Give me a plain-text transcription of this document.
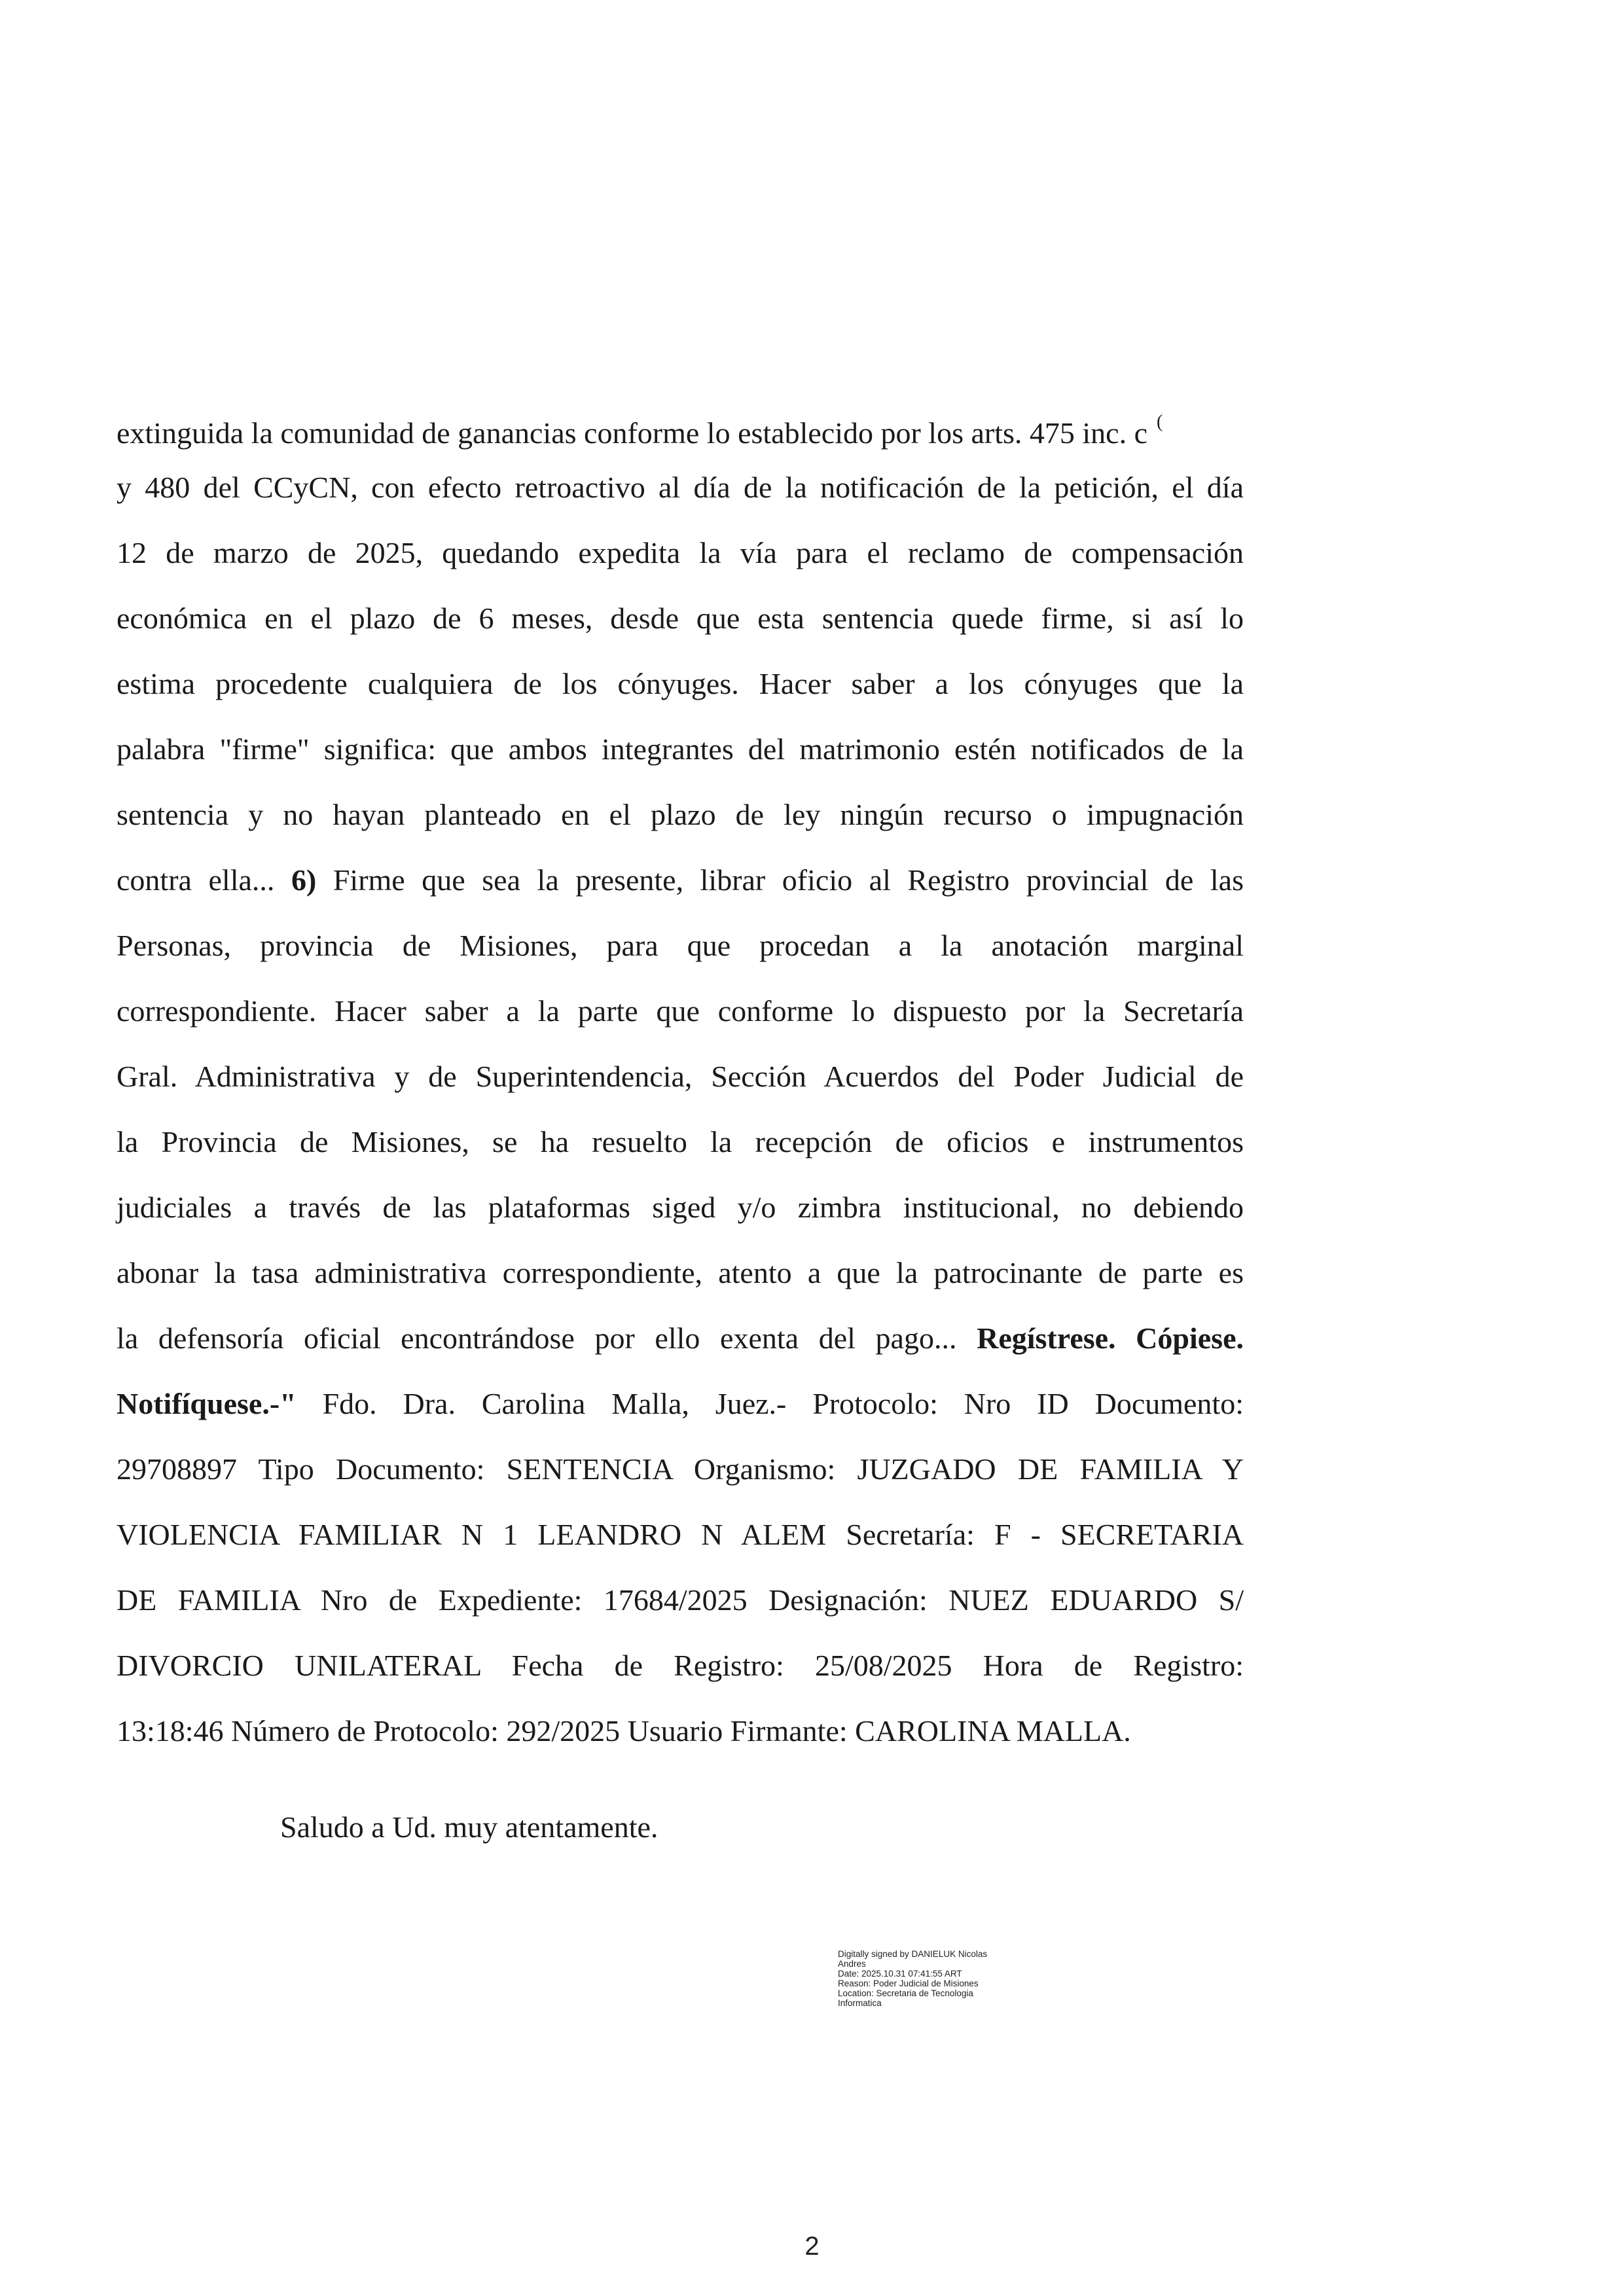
extinguida la comunidad de ganancias conforme lo establecido por los arts. 475 inc. c (
y 480 del CCyCN, con efecto retroactivo al día de la notificación de la petición, el día
12 de marzo de 2025, quedando expedita la vía para el reclamo de compensación
económica en el plazo de 6 meses, desde que esta sentencia quede firme, si así lo
estima procedente cualquiera de los cónyuges. Hacer saber a los cónyuges que la
palabra "firme" significa: que ambos integrantes del matrimonio estén notificados de la
sentencia y no hayan planteado en el plazo de ley ningún recurso o impugnación
contra ella... 6) Firme que sea la presente, librar oficio al Registro provincial de las
Personas, provincia de Misiones, para que procedan a la anotación marginal
correspondiente. Hacer saber a la parte que conforme lo dispuesto por la Secretaría
Gral. Administrativa y de Superintendencia, Sección Acuerdos del Poder Judicial de
la Provincia de Misiones, se ha resuelto la recepción de oficios e instrumentos
judiciales a través de las plataformas siged y/o zimbra institucional, no debiendo
abonar la tasa administrativa correspondiente, atento a que la patrocinante de parte es
la defensoría oficial encontrándose por ello exenta del pago... Regístrese. Cópiese.
Notifíquese.-" Fdo. Dra. Carolina Malla, Juez.- Protocolo: Nro ID Documento:
29708897 Tipo Documento: SENTENCIA Organismo: JUZGADO DE FAMILIA Y
VIOLENCIA FAMILIAR N 1 LEANDRO N ALEM Secretaría: F - SECRETARIA
DE FAMILIA Nro de Expediente: 17684/2025 Designación: NUEZ EDUARDO S/
DIVORCIO UNILATERAL Fecha de Registro: 25/08/2025 Hora de Registro:
13:18:46 Número de Protocolo: 292/2025 Usuario Firmante: CAROLINA MALLA.
Saludo a Ud. muy atentamente.
Digitally signed by DANIELUK Nicolas
Andres
Date: 2025.10.31 07:41:55 ART
Reason: Poder Judicial de Misiones
Location: Secretaria de Tecnologia
Informatica
2
